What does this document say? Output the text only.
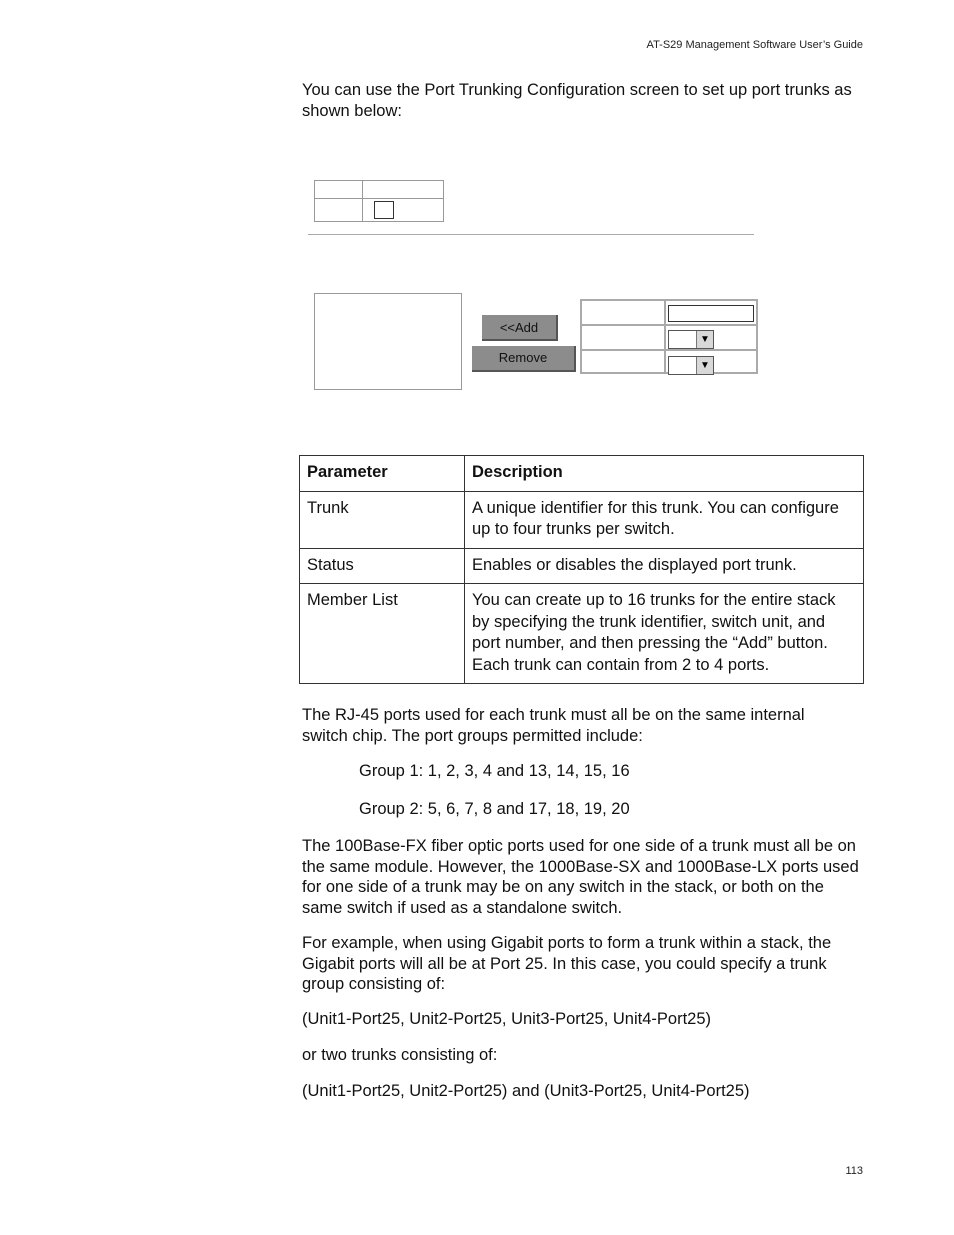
AT-S29 Management Software User’s Guide

You can use the Port Trunking Configuration screen to set up port trunks as shown below:

<<Add
Remove
▼
▼
Parameter	Description
Trunk	A unique identifier for this trunk. You can configure up to four trunks per switch.
Status	Enables or disables the displayed port trunk.
Member List	You can create up to 16 trunks for the entire stack by specifying the trunk identifier, switch unit, and port number, and then pressing the “Add” button. Each trunk can contain from 2 to 4 ports.

The RJ-45 ports used for each trunk must all be on the same internal switch chip. The port groups permitted include:

Group 1: 1, 2, 3, 4 and 13, 14, 15, 16

Group 2: 5, 6, 7, 8 and 17, 18, 19, 20

The 100Base-FX fiber optic ports used for one side of a trunk must all be on the same module. However, the 1000Base-SX and 1000Base-LX ports used for one side of a trunk may be on any switch in the stack, or both on the same switch if used as a standalone switch.

For example, when using Gigabit ports to form a trunk within a stack, the Gigabit ports will all be at Port 25. In this case, you could specify a trunk group consisting of:

(Unit1-Port25, Unit2-Port25, Unit3-Port25, Unit4-Port25)

or two trunks consisting of:

(Unit1-Port25, Unit2-Port25) and (Unit3-Port25, Unit4-Port25)

113
